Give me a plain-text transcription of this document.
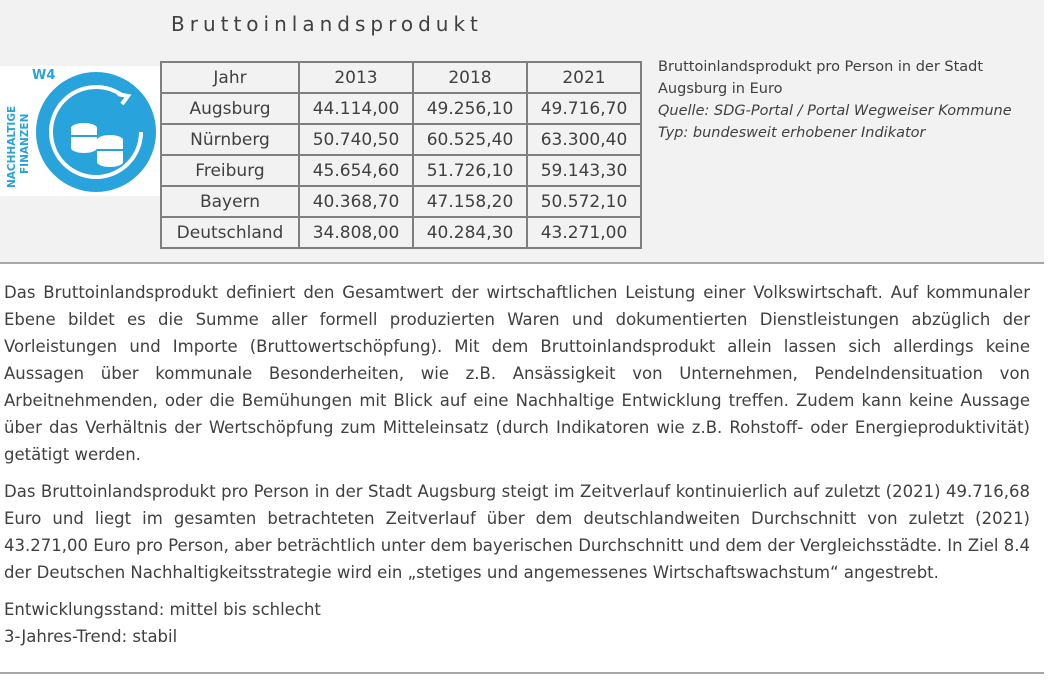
Bruttoinlandsprodukt
NACHHALTIGE FINANZEN
W4	Jahr	2013	2018	2021
Augsburg	44.114,00	49.256,10	49.716,70
Nürnberg	50.740,50	60.525,40	63.300,40
Freiburg	45.654,60	51.726,10	59.143,30
Bayern	40.368,70	47.158,20	50.572,10
Deutschland	34.808,00	40.284,30	43.271,00
Bruttoinlandsprodukt pro Person in der Stadt Augsburg in Euro
Quelle: SDG-Portal / Portal Wegweiser Kommune
Typ: bundesweit erhobener Indikator

Das Bruttoinlandsprodukt definiert den Gesamtwert der wirtschaftlichen Leistung einer Volkswirtschaft. Auf kommunaler Ebene bildet es die Summe aller formell produzierten Waren und dokumentierten Dienstleistungen abzüglich der Vorleistungen und Importe (Bruttowertschöpfung). Mit dem Bruttoinlandsprodukt allein lassen sich allerdings keine Aussagen über kommunale Besonderheiten, wie z.B. Ansässigkeit von Unternehmen, Pendelndensituation von Arbeitnehmenden, oder die Bemühungen mit Blick auf eine Nachhaltige Entwicklung treffen. Zudem kann keine Aussage über das Verhältnis der Wertschöpfung zum Mitteleinsatz (durch Indikatoren wie z.B. Rohstoff- oder Energieproduktivität) getätigt werden.

Das Bruttoinlandsprodukt pro Person in der Stadt Augsburg steigt im Zeitverlauf kontinuierlich auf zuletzt (2021) 49.716,68 Euro und liegt im gesamten betrachteten Zeitverlauf über dem deutschlandweiten Durchschnitt von zuletzt (2021) 43.271,00 Euro pro Person, aber beträchtlich unter dem bayerischen Durchschnitt und dem der Vergleichsstädte. In Ziel 8.4 der Deutschen Nachhaltigkeitsstrategie wird ein „stetiges und angemessenes Wirtschaftswachstum“ angestrebt.

Entwicklungsstand: mittel bis schlecht
3-Jahres-Trend: stabil
